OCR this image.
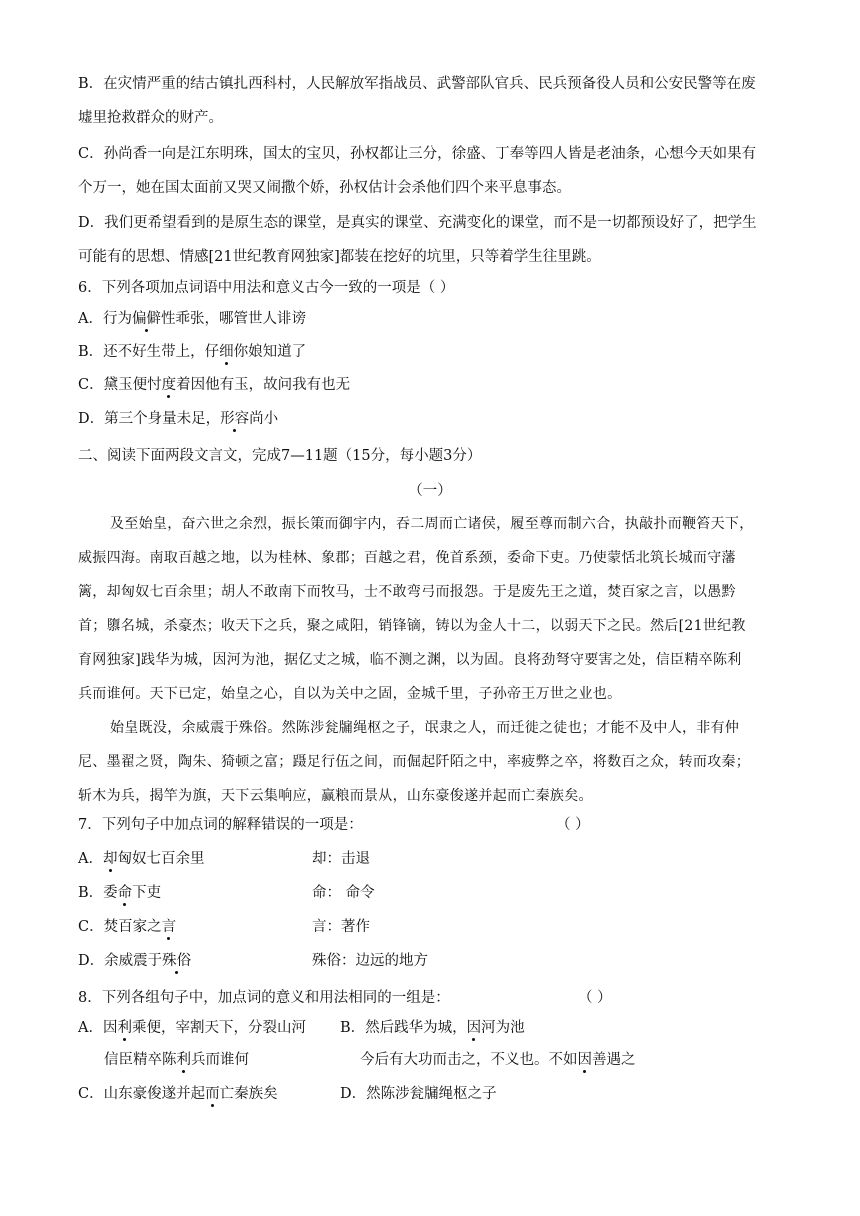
B．在灾情严重的结古镇扎西科村，人民解放军指战员、武警部队官兵、民兵预备役人员和公安民警等在废
墟里抢救群众的财产。
C．孙尚香一向是江东明珠，国太的宝贝，孙权都让三分，徐盛、丁奉等四人皆是老油条，心想今天如果有
个万一，她在国太面前又哭又闹撒个娇，孙权估计会杀他们四个来平息事态。
D．我们更希望看到的是原生态的课堂，是真实的课堂、充满变化的课堂，而不是一切都预设好了，把学生
可能有的思想、情感[21世纪教育网独家]都装在挖好的坑里，只等着学生往里跳。
6．下列各项加点词语中用法和意义古今一致的一项是（ ）
A．行为偏僻性乖张，哪管世人诽谤
B．还不好生带上，仔细你娘知道了
C．黛玉便忖度着因他有玉，故问我有也无
D．第三个身量未足，形容尚小
二、阅读下面两段文言文，完成7—11题（15分，每小题3分）
（一）
及至始皇，奋六世之余烈，振长策而御宇内，吞二周而亡诸侯，履至尊而制六合，执敲扑而鞭笞天下，
威振四海。南取百越之地，以为桂林、象郡；百越之君，俛首系颈，委命下吏。乃使蒙恬北筑长城而守藩
篱，却匈奴七百余里；胡人不敢南下而牧马，士不敢弯弓而报怨。于是废先王之道，焚百家之言，以愚黔
首；隳名城，杀豪杰；收天下之兵，聚之咸阳，销锋镝，铸以为金人十二，以弱天下之民。然后[21世纪教
育网独家]践华为城，因河为池，据亿丈之城，临不测之渊，以为固。良将劲弩守要害之处，信臣精卒陈利
兵而谁何。天下已定，始皇之心，自以为关中之固，金城千里，子孙帝王万世之业也。
始皇既没，余威震于殊俗。然陈涉瓮牖绳枢之子，氓隶之人，而迁徙之徒也；才能不及中人，非有仲
尼、墨翟之贤，陶朱、猗顿之富；蹑足行伍之间，而倔起阡陌之中，率疲弊之卒，将数百之众，转而攻秦；
斩木为兵，揭竿为旗，天下云集响应，赢粮而景从，山东豪俊遂并起而亡秦族矣。
7．下列句子中加点词的解释错误的一项是：	（ ）
A．却匈奴七百余里	却：击退
B．委命下吏	命： 命令
C．焚百家之言	言：著作
D．余威震于殊俗	殊俗：边远的地方
8．下列各组句子中，加点词的意义和用法相同的一组是：	（ ）
A．因利乘便，宰割天下，分裂山河 B．然后践华为城，因河为池
信臣精卒陈利兵而谁何	今后有大功而击之，不义也。不如因善遇之
C．山东豪俊遂并起而亡秦族矣	D．然陈涉瓮牖绳枢之子
